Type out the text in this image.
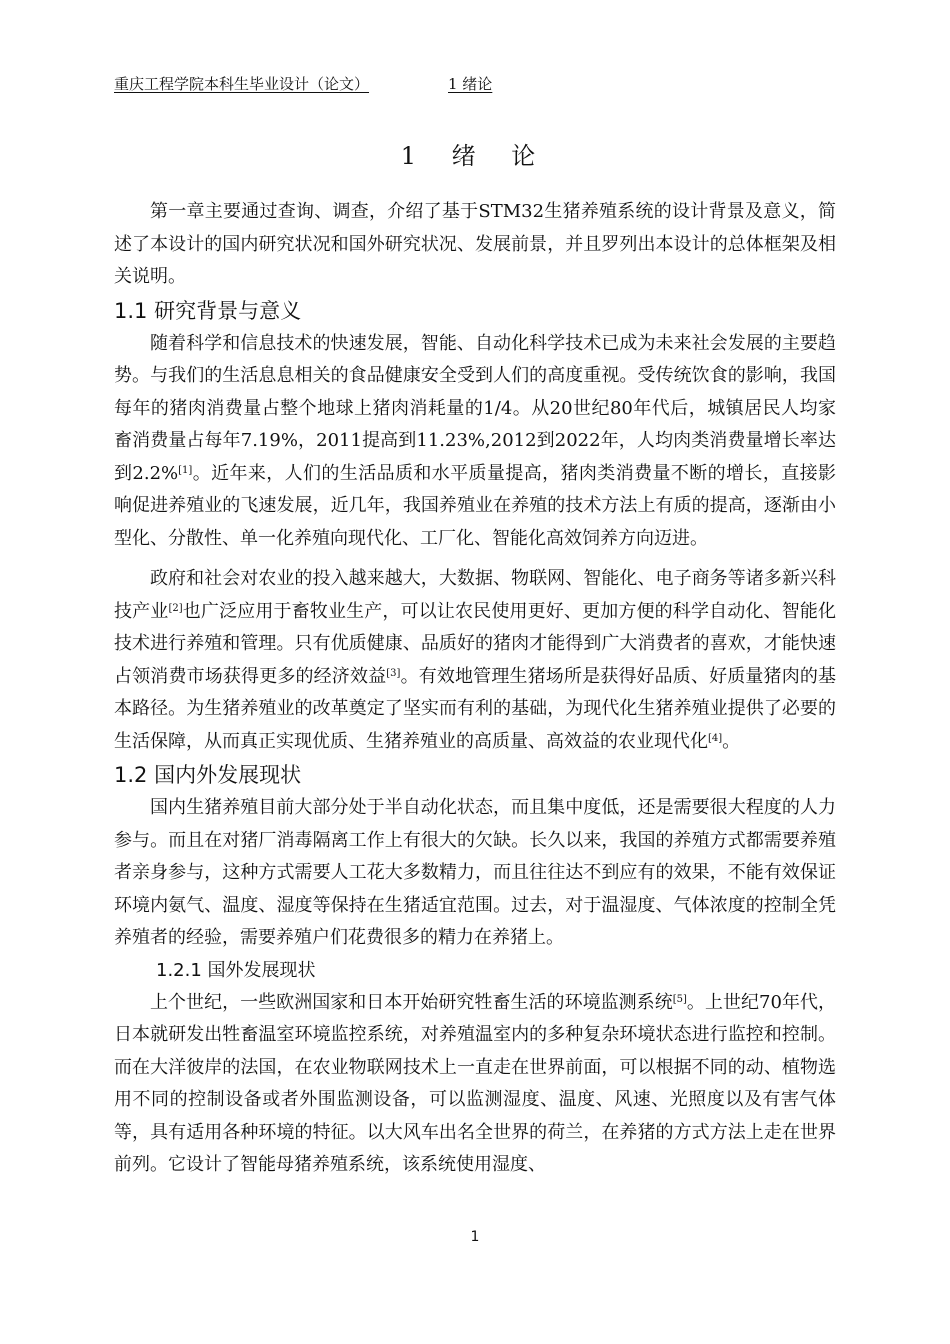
重庆工程学院本科生毕业设计（论文）	1 绪论
1 绪 论

第一章主要通过查询、调查，介绍了基于STM32生猪养殖系统的设计背景及意义，简述了本设计的国内研究状况和国外研究状况、发展前景，并且罗列出本设计的总体框架及相关说明。

1.1 研究背景与意义

随着科学和信息技术的快速发展，智能、自动化科学技术已成为未来社会发展的主要趋势。与我们的生活息息相关的食品健康安全受到人们的高度重视。受传统饮食的影响，我国每年的猪肉消费量占整个地球上猪肉消耗量的1/4。从20世纪80年代后，城镇居民人均家畜消费量占每年7.19%，2011提高到11.23%,2012到2022年，人均肉类消费量增长率达到2.2%[1]。近年来，人们的生活品质和水平质量提高，猪肉类消费量不断的增长，直接影响促进养殖业的飞速发展，近几年，我国养殖业在养殖的技术方法上有质的提高，逐渐由小型化、分散性、单一化养殖向现代化、工厂化、智能化高效饲养方向迈进。

政府和社会对农业的投入越来越大，大数据、物联网、智能化、电子商务等诸多新兴科技产业[2]也广泛应用于畜牧业生产，可以让农民使用更好、更加方便的科学自动化、智能化技术进行养殖和管理。只有优质健康、品质好的猪肉才能得到广大消费者的喜欢，才能快速占领消费市场获得更多的经济效益[3]。有效地管理生猪场所是获得好品质、好质量猪肉的基本路径。为生猪养殖业的改革奠定了坚实而有利的基础，为现代化生猪养殖业提供了必要的生活保障，从而真正实现优质、生猪养殖业的高质量、高效益的农业现代化[4]。

1.2 国内外发展现状

国内生猪养殖目前大部分处于半自动化状态，而且集中度低，还是需要很大程度的人力参与。而且在对猪厂消毒隔离工作上有很大的欠缺。长久以来，我国的养殖方式都需要养殖者亲身参与，这种方式需要人工花大多数精力，而且往往达不到应有的效果，不能有效保证环境内氨气、温度、湿度等保持在生猪适宜范围。过去，对于温湿度、气体浓度的控制全凭养殖者的经验，需要养殖户们花费很多的精力在养猪上。

1.2.1 国外发展现状

上个世纪，一些欧洲国家和日本开始研究牲畜生活的环境监测系统[5]。上世纪70年代，日本就研发出牲畜温室环境监控系统，对养殖温室内的多种复杂环境状态进行监控和控制。而在大洋彼岸的法国，在农业物联网技术上一直走在世界前面，可以根据不同的动、植物选用不同的控制设备或者外围监测设备，可以监测湿度、温度、风速、光照度以及有害气体等，具有适用各种环境的特征。以大风车出名全世界的荷兰，在养猪的方式方法上走在世界前列。它设计了智能母猪养殖系统，该系统使用湿度、

1
